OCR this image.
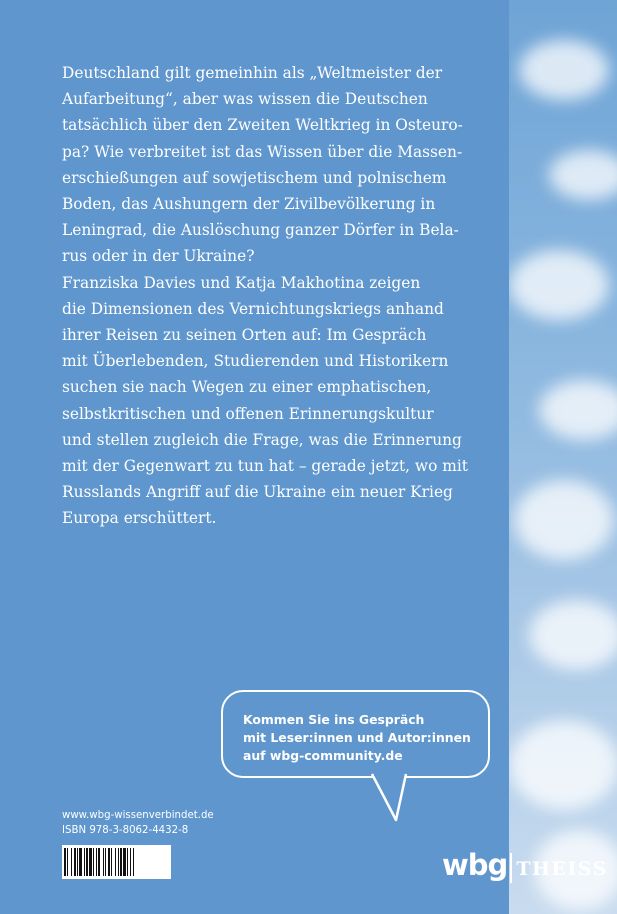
Deutschland gilt gemeinhin als „Weltmeister der

Aufarbeitung“, aber was wissen die Deutschen

tatsächlich über den Zweiten Weltkrieg in Osteuro-

pa? Wie verbreitet ist das Wissen über die Massen-

erschießungen auf sowjetischem und polnischem

Boden, das Aushungern der Zivilbevölkerung in

Leningrad, die Auslöschung ganzer Dörfer in Bela-

rus oder in der Ukraine?

Franziska Davies und Katja Makhotina zeigen

die Dimensionen des Vernichtungskriegs anhand

ihrer Reisen zu seinen Orten auf: Im Gespräch

mit Überlebenden, Studierenden und Historikern

suchen sie nach Wegen zu einer emphatischen,

selbstkritischen und offenen Erinnerungskultur

und stellen zugleich die Frage, was die Erinnerung

mit der Gegenwart zu tun hat – gerade jetzt, wo mit

Russlands Angriff auf die Ukraine ein neuer Krieg

Europa erschüttert.

Kommen Sie ins Gespräch
mit Leser:innen und Autor:innen
auf wbg-community.de
www.wbg-wissenverbindet.de
ISBN 978-3-8062-4432-8
wbg THEISS
